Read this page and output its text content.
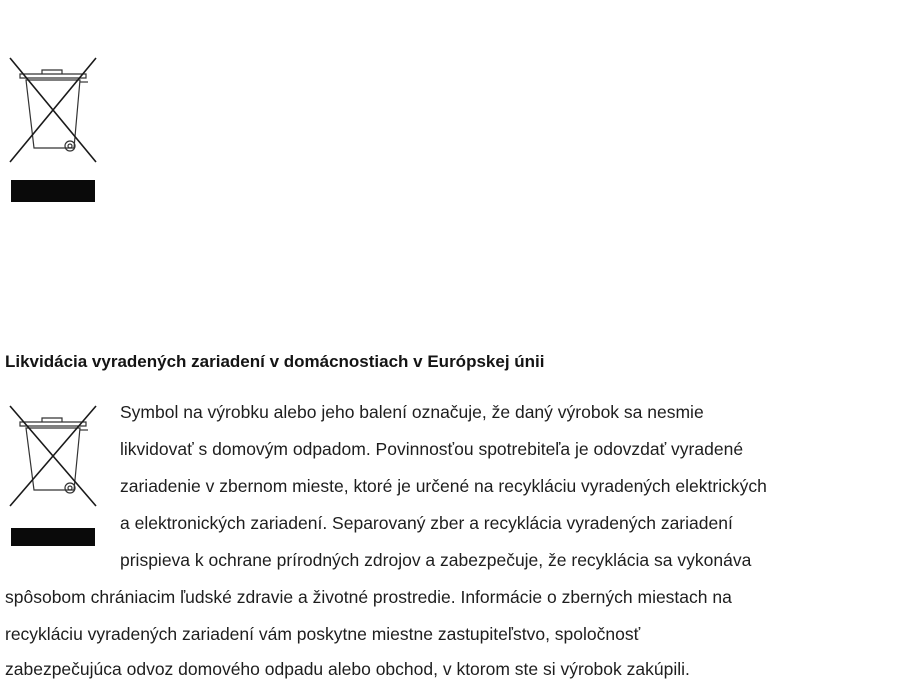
Likvidácia vyradených zariadení v domácnostiach v Európskej únii

Symbol na výrobku alebo jeho balení označuje, že daný výrobok sa nesmie

likvidovať s domovým odpadom. Povinnosťou spotrebiteľa je odovzdať vyradené

zariadenie v zbernom mieste, ktoré je určené na recykláciu vyradených elektrických

a elektronických zariadení. Separovaný zber a recyklácia vyradených zariadení

prispieva k ochrane prírodných zdrojov a zabezpečuje, že recyklácia sa vykonáva

spôsobom chrániacim ľudské zdravie a životné prostredie. Informácie o zberných miestach na

recykláciu vyradených zariadení vám poskytne miestne zastupiteľstvo, spoločnosť

zabezpečujúca odvoz domového odpadu alebo obchod, v ktorom ste si výrobok zakúpili.
